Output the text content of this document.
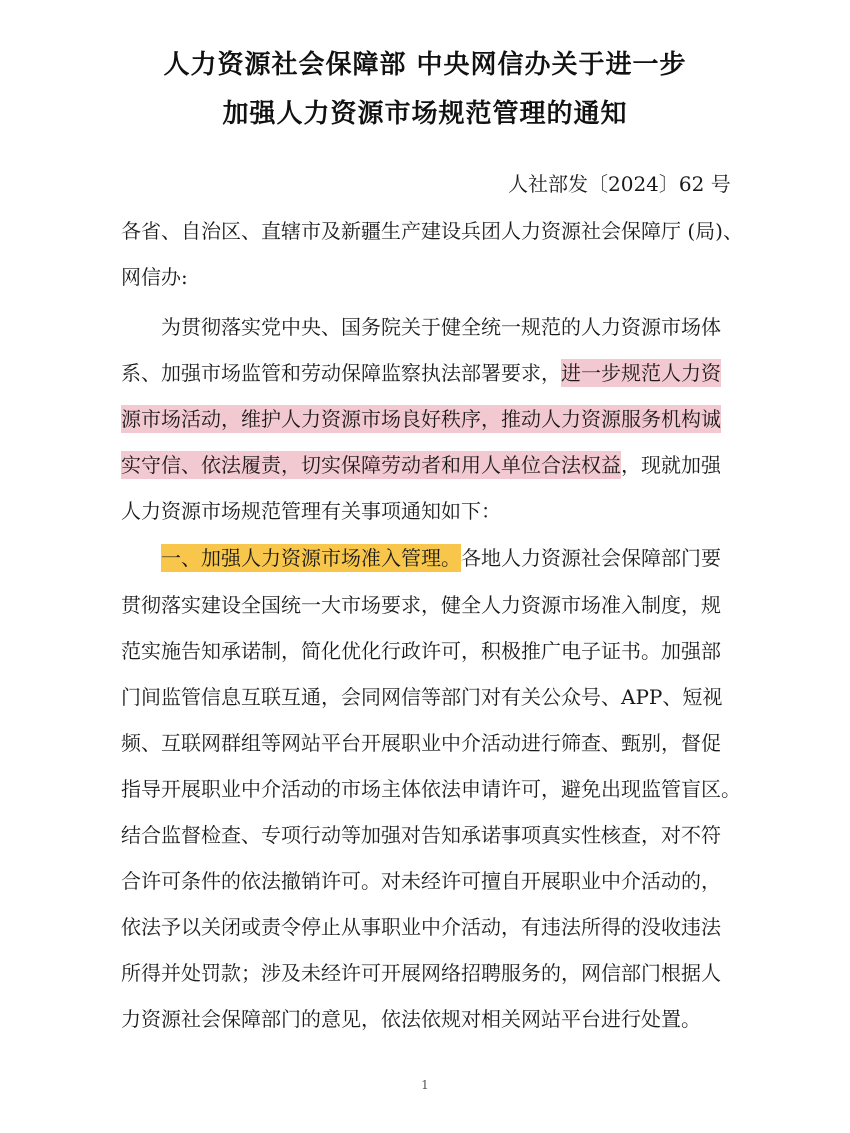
人力资源社会保障部 中央网信办关于进一步
加强人力资源市场规范管理的通知
人社部发〔2024〕62 号
各省、自治区、直辖市及新疆生产建设兵团人力资源社会保障厅 (局)、
网信办:
为贯彻落实党中央、国务院关于健全统一规范的人力资源市场体
系、加强市场监管和劳动保障监察执法部署要求，进一步规范人力资
源市场活动，维护人力资源市场良好秩序，推动人力资源服务机构诚
实守信、依法履责，切实保障劳动者和用人单位合法权益，现就加强
人力资源市场规范管理有关事项通知如下：
一、加强人力资源市场准入管理。各地人力资源社会保障部门要
贯彻落实建设全国统一大市场要求，健全人力资源市场准入制度，规
范实施告知承诺制，简化优化行政许可，积极推广电子证书。加强部
门间监管信息互联互通，会同网信等部门对有关公众号、APP、短视
频、互联网群组等网站平台开展职业中介活动进行筛查、甄别，督促
指导开展职业中介活动的市场主体依法申请许可，避免出现监管盲区。
结合监督检查、专项行动等加强对告知承诺事项真实性核查，对不符
合许可条件的依法撤销许可。对未经许可擅自开展职业中介活动的，
依法予以关闭或责令停止从事职业中介活动，有违法所得的没收违法
所得并处罚款；涉及未经许可开展网络招聘服务的，网信部门根据人
力资源社会保障部门的意见，依法依规对相关网站平台进行处置。
1
